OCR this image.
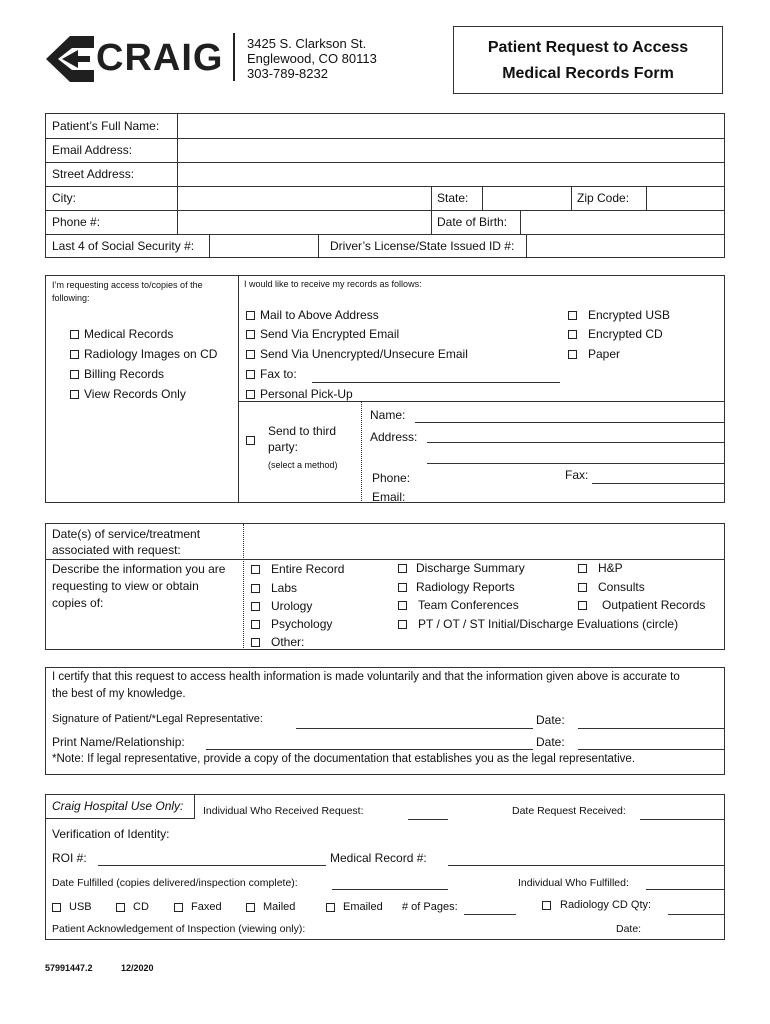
CRAIG 3425 S. Clarkson St.
Englewood, CO 80113
303-789-8232
Patient Request to Access
Medical Records Form
Patient’s Full Name:
Email Address:
Street Address:
City:	State:	Zip Code:
Phone #:	Date of Birth:
Last 4 of Social Security #:	Driver’s License/State Issued ID #:
I’m requesting access to/copies of the following:
Medical Records
Radiology Images on CD
Billing Records
View Records Only
I would like to receive my records as follows:
Mail to Above Address
Send Via Encrypted Email
Send Via Unencrypted/Unsecure Email
Fax to:
Personal Pick-Up
Encrypted USB
Encrypted CD
Paper
Send to third
party:
(select a method)
Name:
Address:
Phone:	Fax:
Email:
Date(s) of service/treatment
associated with request:
Describe the information you are
requesting to view or obtain
copies of:
Entire Record
Labs
Urology
Psychology
Other:
Discharge Summary
Radiology Reports
Team Conferences
PT / OT / ST Initial/Discharge Evaluations (circle)
H&P
Consults
Outpatient Records
I certify that this request to access health information is made voluntarily and that the information given above is accurate to
the best of my knowledge.
Signature of Patient/*Legal Representative:	Date:
Print Name/Relationship:	Date:
*Note: If legal representative, provide a copy of the documentation that establishes you as the legal representative.
Craig Hospital Use Only: Individual Who Received Request:	Date Request Received:
Verification of Identity:
ROI #:	Medical Record #:
Date Fulfilled (copies delivered/inspection complete):	Individual Who Fulfilled:
USB	CD	Faxed	Mailed	Emailed # of Pages:	Radiology CD Qty:
Patient Acknowledgement of Inspection (viewing only):	Date:
57991447.2	12/2020
